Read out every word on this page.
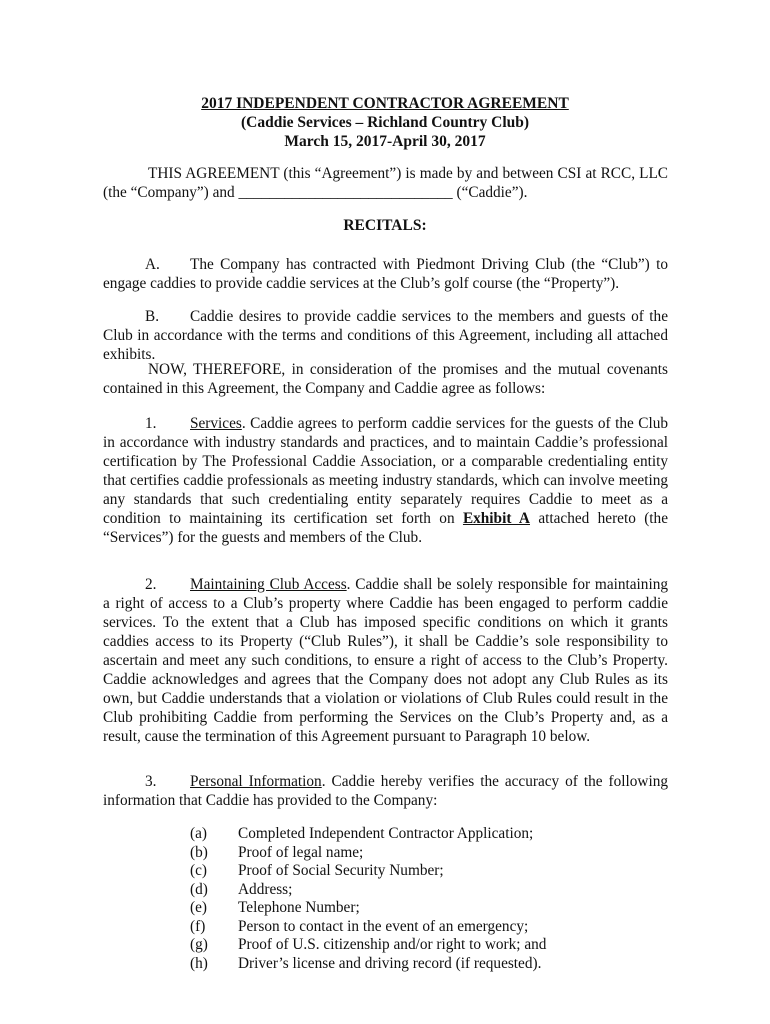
2017 INDEPENDENT CONTRACTOR AGREEMENT
(Caddie Services – Richland Country Club)
March 15, 2017-April 30, 2017
THIS AGREEMENT (this “Agreement”) is made by and between CSI at RCC, LLC (the “Company”) and ____________________________ (“Caddie”).
RECITALS:
A. The Company has contracted with Piedmont Driving Club (the “Club”) to engage caddies to provide caddie services at the Club’s golf course (the “Property”).
B. Caddie desires to provide caddie services to the members and guests of the Club in accordance with the terms and conditions of this Agreement, including all attached exhibits.
NOW, THEREFORE, in consideration of the promises and the mutual covenants contained in this Agreement, the Company and Caddie agree as follows:
1. Services. Caddie agrees to perform caddie services for the guests of the Club in accordance with industry standards and practices, and to maintain Caddie’s professional certification by The Professional Caddie Association, or a comparable credentialing entity that certifies caddie professionals as meeting industry standards, which can involve meeting any standards that such credentialing entity separately requires Caddie to meet as a condition to maintaining its certification set forth on Exhibit A attached hereto (the “Services”) for the guests and members of the Club.
2. Maintaining Club Access. Caddie shall be solely responsible for maintaining a right of access to a Club’s property where Caddie has been engaged to perform caddie services. To the extent that a Club has imposed specific conditions on which it grants caddies access to its Property (“Club Rules”), it shall be Caddie’s sole responsibility to ascertain and meet any such conditions, to ensure a right of access to the Club’s Property. Caddie acknowledges and agrees that the Company does not adopt any Club Rules as its own, but Caddie understands that a violation or violations of Club Rules could result in the Club prohibiting Caddie from performing the Services on the Club’s Property and, as a result, cause the termination of this Agreement pursuant to Paragraph 10 below.
3. Personal Information. Caddie hereby verifies the accuracy of the following information that Caddie has provided to the Company:
(a) Completed Independent Contractor Application;
(b) Proof of legal name;
(c) Proof of Social Security Number;
(d) Address;
(e) Telephone Number;
(f) Person to contact in the event of an emergency;
(g) Proof of U.S. citizenship and/or right to work; and
(h) Driver’s license and driving record (if requested).
